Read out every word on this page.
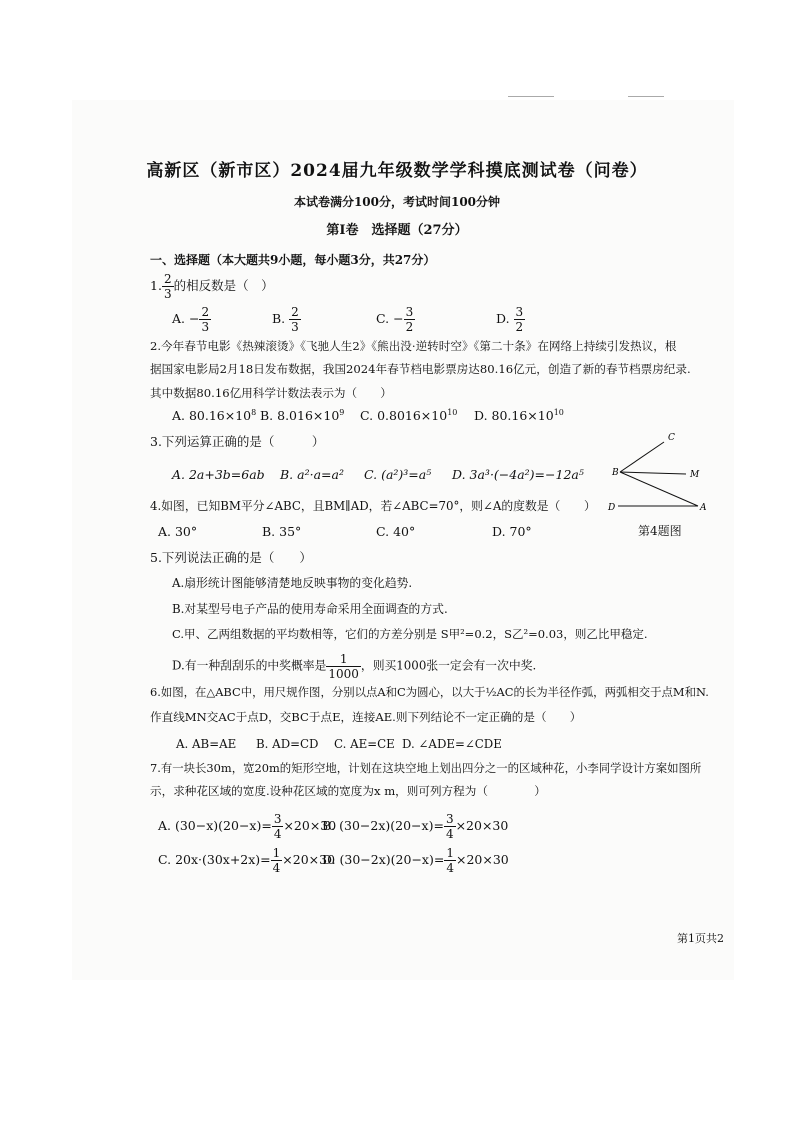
高新区（新市区）2024届九年级数学学科摸底测试卷（问卷）
本试卷满分100分，考试时间100分钟
第Ⅰ卷　选择题（27分）
一、选择题（本大题共9小题，每小题3分，共27分）
1. $\frac{2}{3}$ 的相反数是（　）
A. − $\frac{2}{3}$	B. $\frac{2}{3}$	C. − $\frac{3}{2}$	D. $\frac{3}{2}$
2.今年春节电影《热辣滚烫》《飞驰人生2》《熊出没·逆转时空》《第二十条》在网络上持续引发热议，根
据国家电影局2月18日发布数据，我国2024年春节档电影票房达80.16亿元，创造了新的春节档票房纪录.
其中数据80.16亿用科学计数法表示为（　　）
A. $80.16\times 10^8$ B. $8.016\times 10^9$ C. $0.8016\times 10^{10}$ D. $80.16\times 10^{10}$
3.下列运算正确的是（　　　）
A. 2a+3b=6ab B. a²·a=a² C. (a²)³=a⁵ D. 3a³·(−4a²)=−12a⁵
4.如图，已知BM平分∠ABC，且BM∥AD，若∠ABC=70°，则∠A的度数是（　　）
A. 30°	B. 35°	C. 40°	D. 70°
C
B	M
D	A
第4题图
5.下列说法正确的是（　　）
A.扇形统计图能够清楚地反映事物的变化趋势.
B.对某型号电子产品的使用寿命采用全面调查的方式.
C.甲、乙两组数据的平均数相等，它们的方差分别是 S甲²=0.2，S乙²=0.03，则乙比甲稳定.
D.有一种刮刮乐的中奖概率是 $\frac{1}{1000}$ ，则买1000张一定会有一次中奖.
6.如图，在△ABC中，用尺规作图，分别以点A和C为圆心，以大于½AC的长为半径作弧，两弧相交于点M和N.
作直线MN交AC于点D，交BC于点E，连接AE.则下列结论不一定正确的是（　　）
A. AB=AE B. AD=CD C. AE=CE D. ∠ADE=∠CDE
7.有一块长30m，宽20m的矩形空地，计划在这块空地上划出四分之一的区域种花，小李同学设计方案如图所
示，求种花区域的宽度.设种花区域的宽度为x m，则可列方程为（　　　　）
A. $(30-x)(20-x)= \frac{3}{4} \times 20\times 30$
B. $(30-2x)(20-x)= \frac{3}{4} \times 20\times 30$
C. $20x\cdot(30x+2x)= \frac{1}{4} \times 20\times 30$
D. $(30-2x)(20-x)= \frac{1}{4} \times 20\times 30$
第1页共2
